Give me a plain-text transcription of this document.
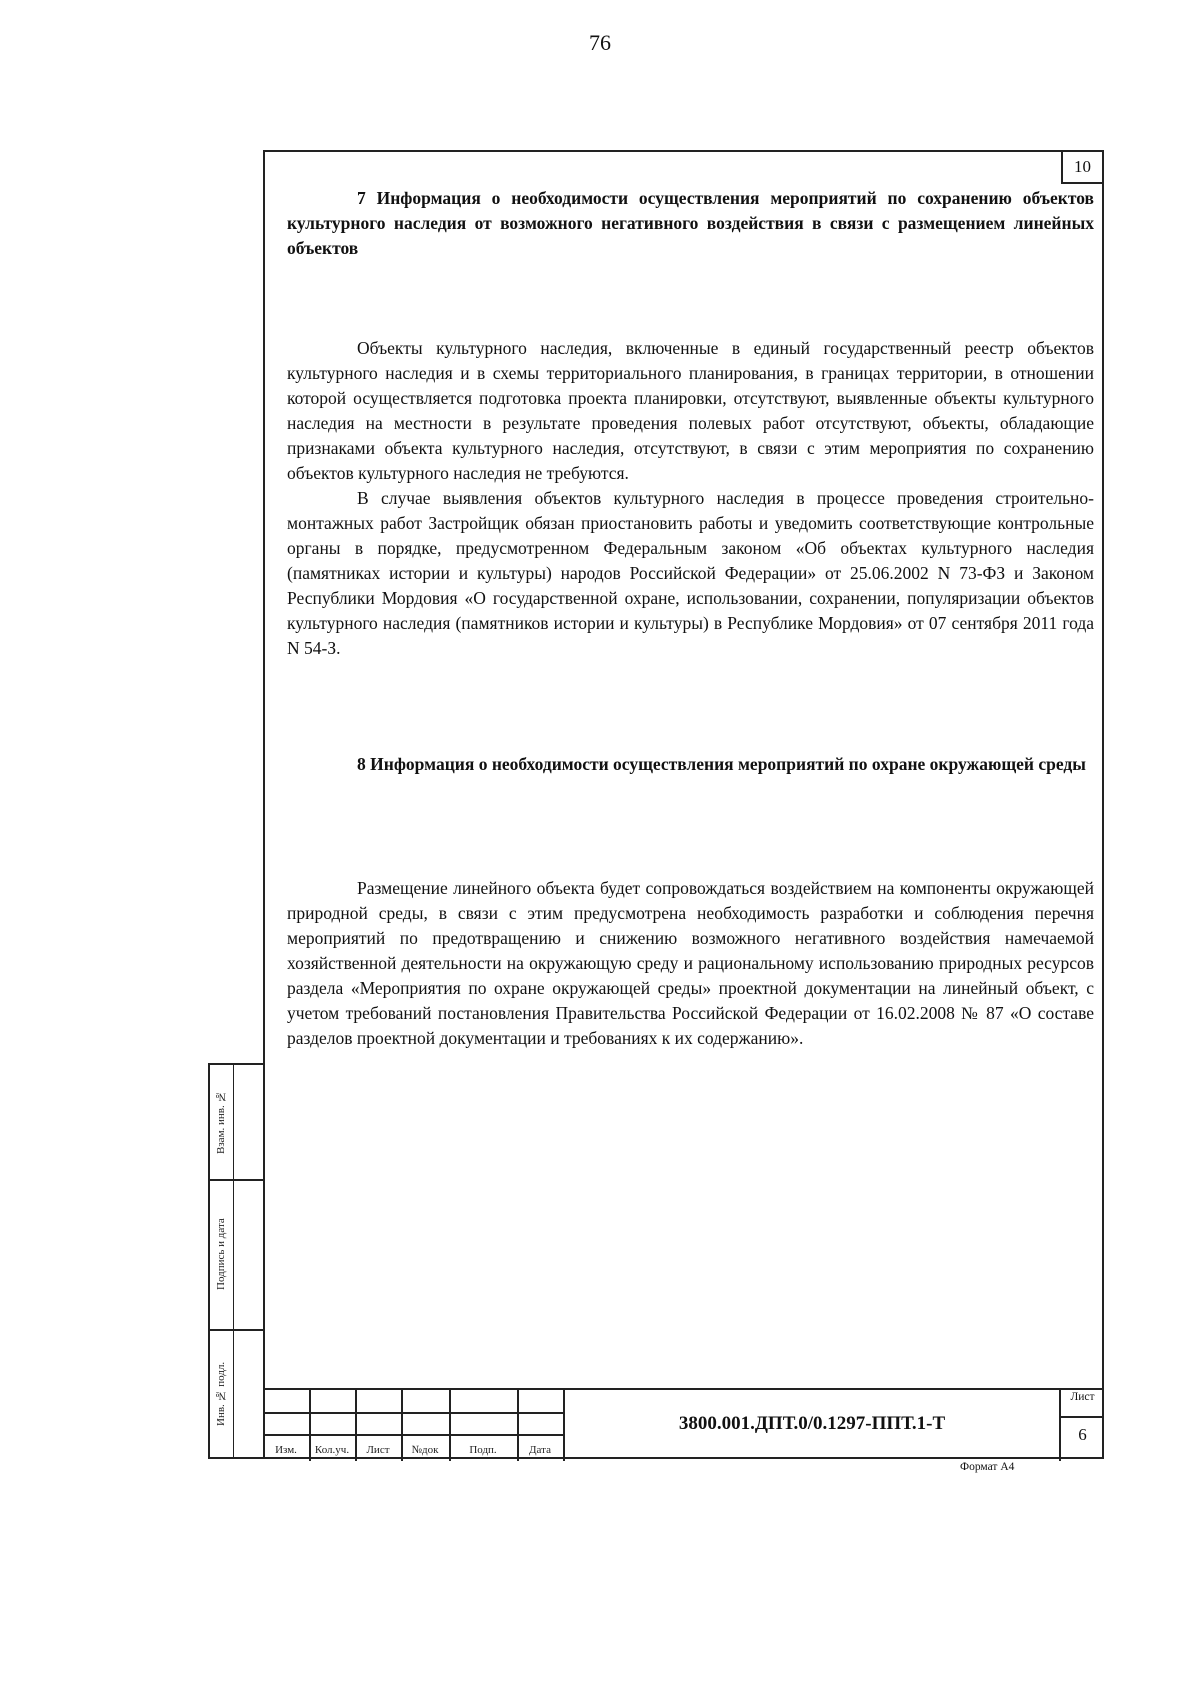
76
10
7 Информация о необходимости осуществления мероприятий по сохранению объектов культурного наследия от возможного негативного воздействия в связи с размещением линейных объектов

Объекты культурного наследия, включенные в единый государственный реестр объектов культурного наследия и в схемы территориального планирования, в границах территории, в отношении которой осуществляется подготовка проекта планировки, отсутствуют, выявленные объекты культурного наследия на местности в результате проведения полевых работ отсутствуют, объекты, обладающие признаками объекта культурного наследия, отсутствуют, в связи с этим мероприятия по сохранению объектов культурного наследия не требуются.

В случае выявления объектов культурного наследия в процессе проведения строительно-монтажных работ Застройщик обязан приостановить работы и уведомить соответствующие контрольные органы в порядке, предусмотренном Федеральным законом «Об объектах культурного наследия (памятниках истории и культуры) народов Российской Федерации» от 25.06.2002 N 73-ФЗ и Законом Республики Мордовия «О государственной охране, использовании, сохранении, популяризации объектов культурного наследия (памятников истории и культуры) в Республике Мордовия» от 07 сентября 2011 года N 54-З.

8 Информация о необходимости осуществления мероприятий по охране окружающей среды

Размещение линейного объекта будет сопровождаться воздействием на компоненты окружающей природной среды, в связи с этим предусмотрена необходимость разработки и соблюдения перечня мероприятий по предотвращению и снижению возможного негативного воздействия намечаемой хозяйственной деятельности на окружающую среду и рациональному использованию природных ресурсов раздела «Мероприятия по охране окружающей среды» проектной документации на линейный объект, с учетом требований постановления Правительства Российской Федерации от 16.02.2008 № 87 «О составе разделов проектной документации и требованиях к их содержанию».

Взам. инв. №
Подпись и дата
Инв. № подл.
Изм.	Кол.уч.	Лист	№док	Подп.	Дата
3800.001.ДПТ.0/0.1297-ППТ.1-Т
Лист
6
Формат А4
